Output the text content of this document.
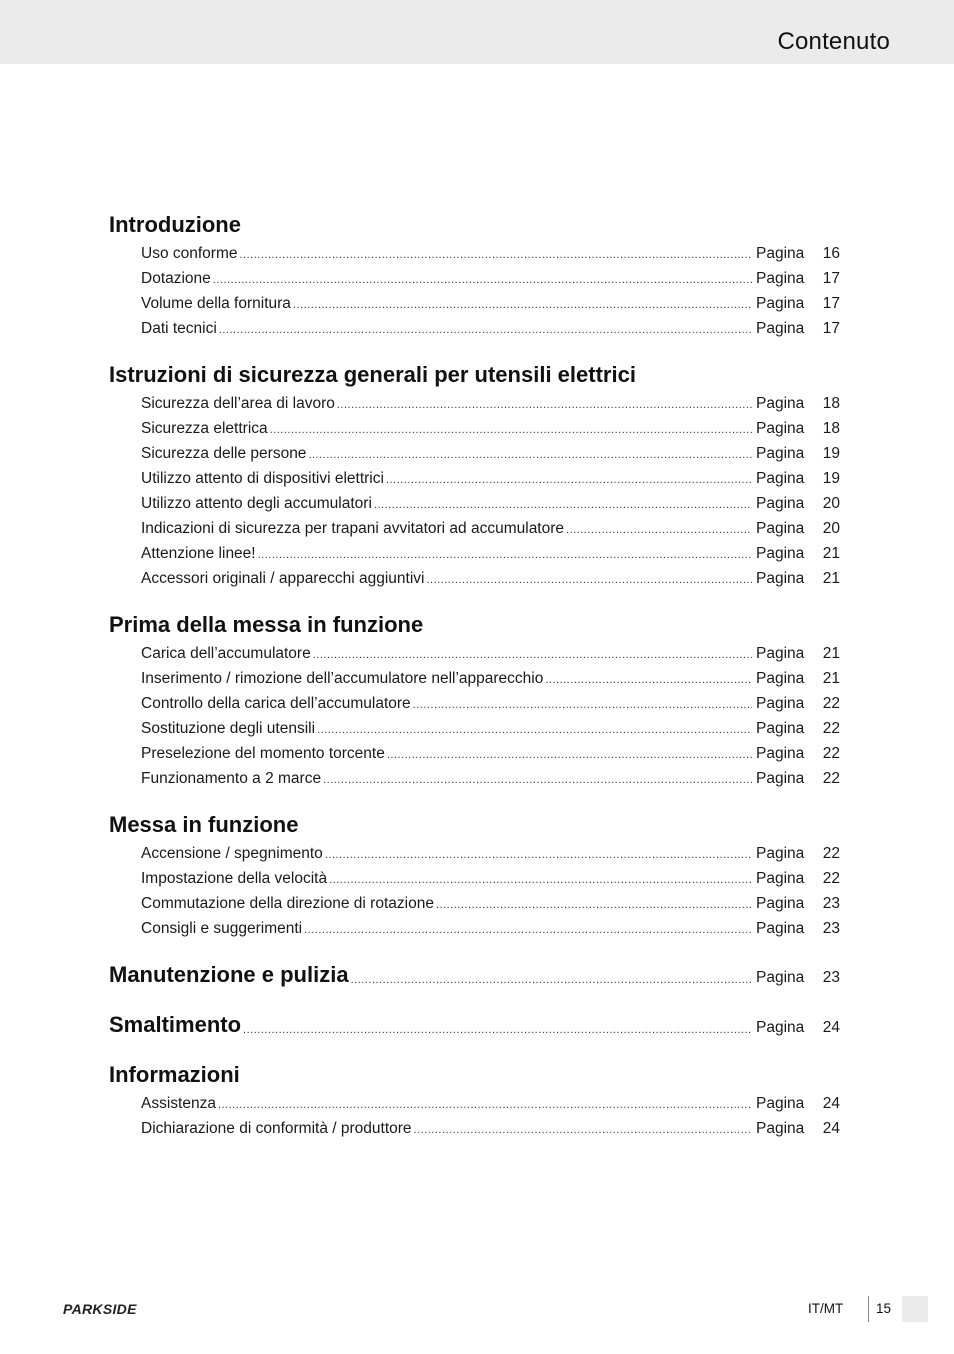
Contenuto
Introduzione
Uso conforme .....	Pagina	16
Dotazione .....	Pagina	17
Volume della fornitura .....	Pagina	17
Dati tecnici .....	Pagina	17
Istruzioni di sicurezza generali per utensili elettrici
Sicurezza dell’area di lavoro .....	Pagina	18
Sicurezza elettrica .....	Pagina	18
Sicurezza delle persone .....	Pagina	19
Utilizzo attento di dispositivi elettrici .....	Pagina	19
Utilizzo attento degli accumulatori .....	Pagina	20
Indicazioni di sicurezza per trapani avvitatori ad accumulatore .....	Pagina	20
Attenzione linee! .....	Pagina	21
Accessori originali / apparecchi aggiuntivi .....	Pagina	21
Prima della messa in funzione
Carica dell’accumulatore .....	Pagina	21
Inserimento / rimozione dell’accumulatore nell’apparecchio .....	Pagina	21
Controllo della carica dell’accumulatore .....	Pagina	22
Sostituzione degli utensili .....	Pagina	22
Preselezione del momento torcente .....	Pagina	22
Funzionamento a 2 marce .....	Pagina	22
Messa in funzione
Accensione / spegnimento .....	Pagina	22
Impostazione della velocità .....	Pagina	22
Commutazione della direzione di rotazione .....	Pagina	23
Consigli e suggerimenti .....	Pagina	23
Manutenzione e pulizia .....	Pagina	23
Smaltimento .....	Pagina	24
Informazioni
Assistenza .....	Pagina	24
Dichiarazione di conformità / produttore .....	Pagina	24
PARKSIDE	IT/MT 15
